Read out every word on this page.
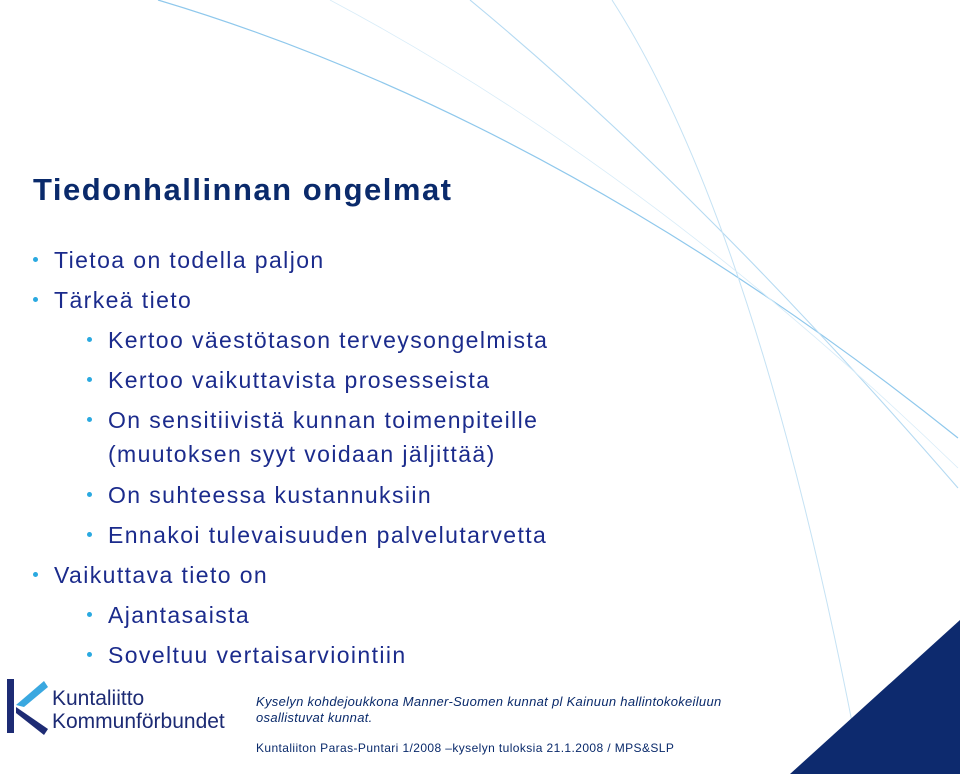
Tiedonhallinnan ongelmat
Tietoa on todella paljon
Tärkeä tieto
Kertoo väestötason terveysongelmista
Kertoo vaikuttavista prosesseista
On sensitiivistä kunnan toimenpiteille
(muutoksen syyt voidaan jäljittää)
On suhteessa kustannuksiin
Ennakoi tulevaisuuden palvelutarvetta
Vaikuttava tieto on
Ajantasaista
Soveltuu vertaisarviointiin
Kuntaliitto
Kommunförbundet
Kyselyn kohdejoukkona Manner-Suomen kunnat pl Kainuun hallintokokeiluun osallistuvat kunnat.
Kuntaliiton Paras-Puntari 1/2008 –kyselyn tuloksia 21.1.2008 / MPS&SLP
